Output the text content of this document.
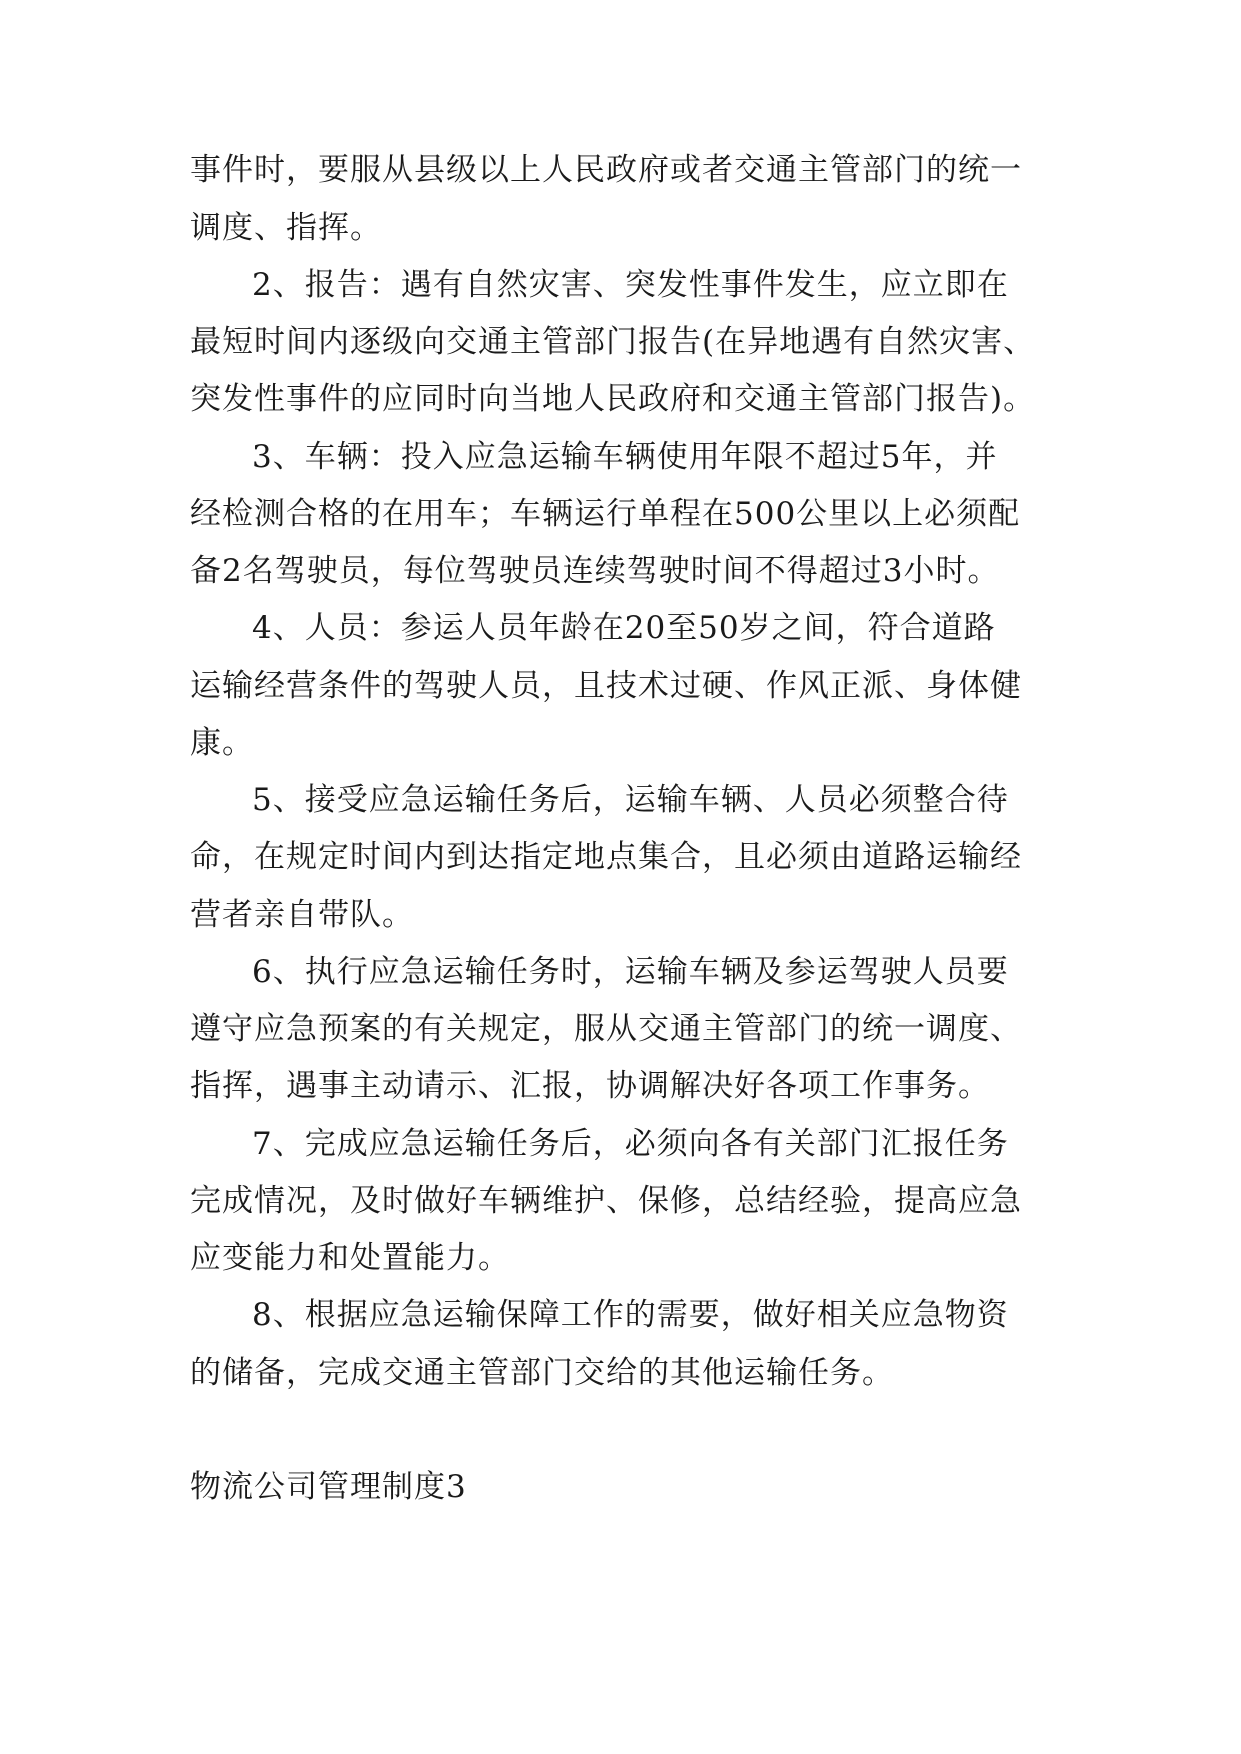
事件时，要服从县级以上人民政府或者交通主管部门的统一
调度、指挥。
2、报告：遇有自然灾害、突发性事件发生，应立即在
最短时间内逐级向交通主管部门报告(在异地遇有自然灾害、
突发性事件的应同时向当地人民政府和交通主管部门报告)。
3、车辆：投入应急运输车辆使用年限不超过5年，并
经检测合格的在用车；车辆运行单程在500公里以上必须配
备2名驾驶员，每位驾驶员连续驾驶时间不得超过3小时。
4、人员：参运人员年龄在20至50岁之间，符合道路
运输经营条件的驾驶人员，且技术过硬、作风正派、身体健
康。
5、接受应急运输任务后，运输车辆、人员必须整合待
命，在规定时间内到达指定地点集合，且必须由道路运输经
营者亲自带队。
6、执行应急运输任务时，运输车辆及参运驾驶人员要
遵守应急预案的有关规定，服从交通主管部门的统一调度、
指挥，遇事主动请示、汇报，协调解决好各项工作事务。
7、完成应急运输任务后，必须向各有关部门汇报任务
完成情况，及时做好车辆维护、保修，总结经验，提高应急
应变能力和处置能力。
8、根据应急运输保障工作的需要，做好相关应急物资
的储备，完成交通主管部门交给的其他运输任务。
物流公司管理制度3
